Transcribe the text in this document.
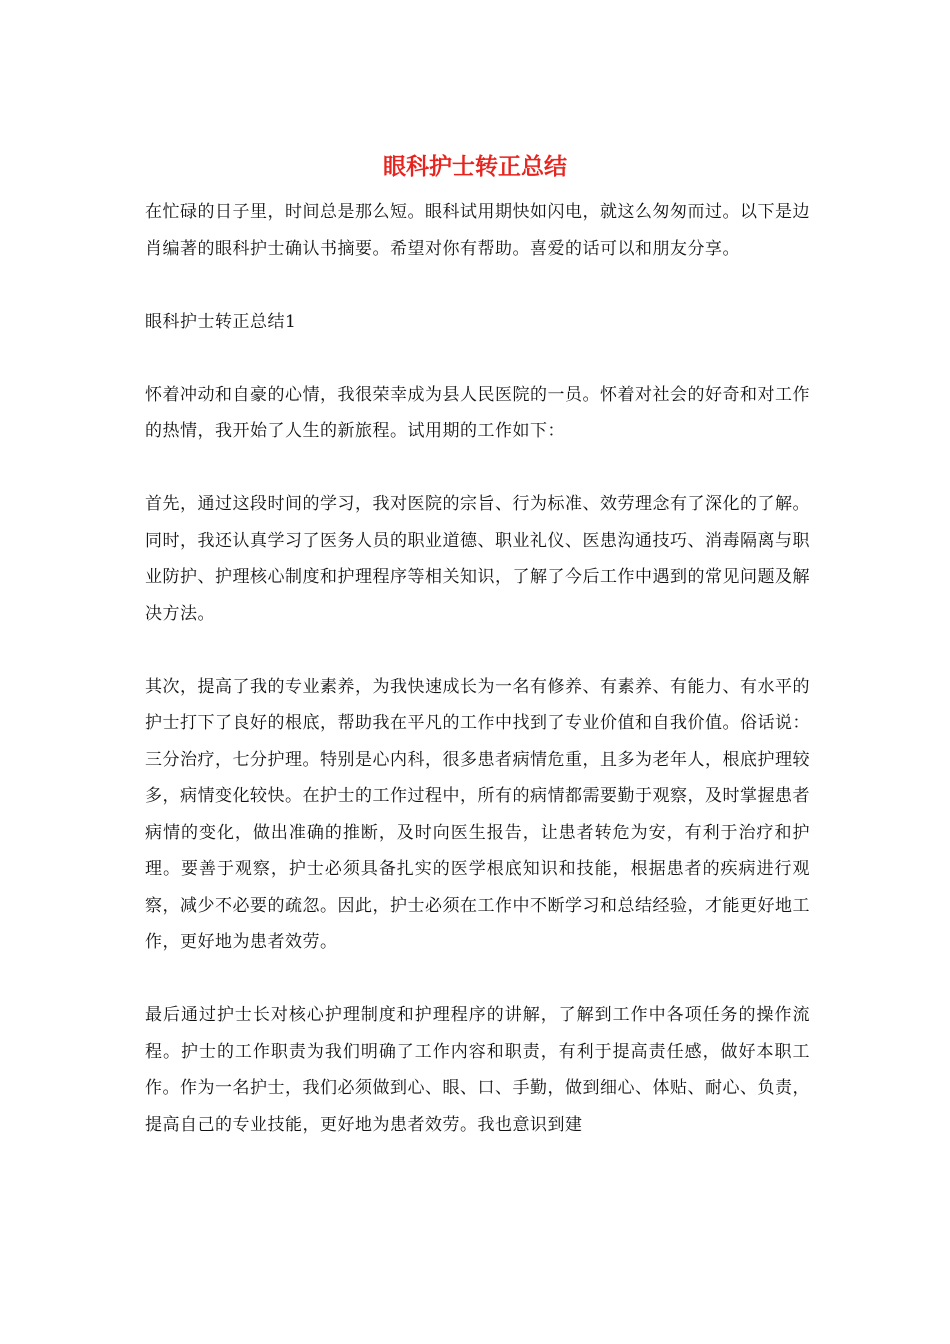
眼科护士转正总结

在忙碌的日子里，时间总是那么短。眼科试用期快如闪电，就这么匆匆而过。以下是边肖编著的眼科护士确认书摘要。希望对你有帮助。喜爱的话可以和朋友分享。

眼科护士转正总结1

怀着冲动和自豪的心情，我很荣幸成为县人民医院的一员。怀着对社会的好奇和对工作的热情，我开始了人生的新旅程。试用期的工作如下：

首先，通过这段时间的学习，我对医院的宗旨、行为标准、效劳理念有了深化的了解。同时，我还认真学习了医务人员的职业道德、职业礼仪、医患沟通技巧、消毒隔离与职业防护、护理核心制度和护理程序等相关知识，了解了今后工作中遇到的常见问题及解决方法。

其次，提高了我的专业素养，为我快速成长为一名有修养、有素养、有能力、有水平的护士打下了良好的根底，帮助我在平凡的工作中找到了专业价值和自我价值。俗话说：三分治疗，七分护理。特别是心内科，很多患者病情危重，且多为老年人，根底护理较多，病情变化较快。在护士的工作过程中，所有的病情都需要勤于观察，及时掌握患者病情的变化，做出准确的推断，及时向医生报告，让患者转危为安，有利于治疗和护理。要善于观察，护士必须具备扎实的医学根底知识和技能，根据患者的疾病进行观察，减少不必要的疏忽。因此，护士必须在工作中不断学习和总结经验，才能更好地工作，更好地为患者效劳。

最后通过护士长对核心护理制度和护理程序的讲解，了解到工作中各项任务的操作流程。护士的工作职责为我们明确了工作内容和职责，有利于提高责任感，做好本职工作。作为一名护士，我们必须做到心、眼、口、手勤，做到细心、体贴、耐心、负责，提高自己的专业技能，更好地为患者效劳。我也意识到建
